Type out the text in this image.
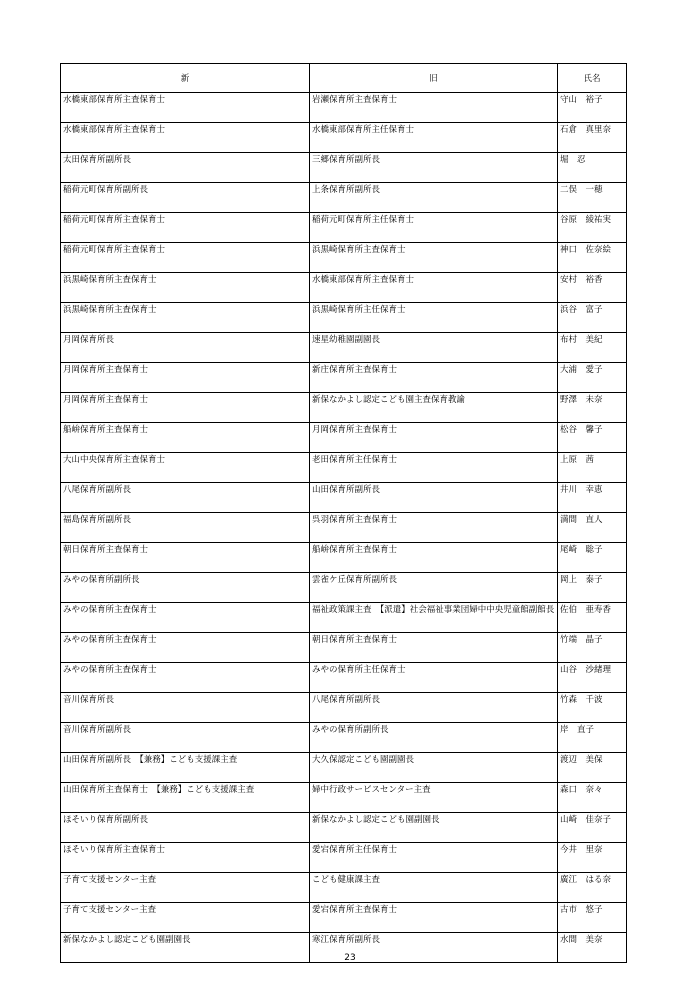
新	旧	氏名
水橋東部保育所主査保育士	岩瀬保育所主査保育士	守山　裕子
水橋東部保育所主査保育士	水橋東部保育所主任保育士	石倉　真里奈
太田保育所副所長	三郷保育所副所長	堀　忍
稲荷元町保育所副所長	上条保育所副所長	二俣　一穂
稲荷元町保育所主査保育士	稲荷元町保育所主任保育士	谷原　綾祐実
稲荷元町保育所主査保育士	浜黒崎保育所主査保育士	神口　佐奈絵
浜黒崎保育所主査保育士	水橋東部保育所主査保育士	安村　裕香
浜黒崎保育所主査保育士	浜黒崎保育所主任保育士	浜谷　富子
月岡保育所長	速星幼稚園副園長	布村　美紀
月岡保育所主査保育士	新庄保育所主査保育士	大浦　愛子
月岡保育所主査保育士	新保なかよし認定こども園主査保育教諭	野澤　未奈
船峅保育所主査保育士	月岡保育所主査保育士	松谷　馨子
大山中央保育所主査保育士	老田保育所主任保育士	上原　茜
八尾保育所副所長	山田保育所副所長	井川　幸恵
福島保育所副所長	呉羽保育所主査保育士	満間　直人
朝日保育所主査保育士	船峅保育所主査保育士	尾崎　聡子
みやの保育所副所長	雲雀ケ丘保育所副所長	岡上　泰子
みやの保育所主査保育士	福祉政策課主査　【派遣】社会福祉事業団婦中中央児童館副館長	佐伯　亜寿香
みやの保育所主査保育士	朝日保育所主査保育士	竹端　晶子
みやの保育所主査保育士	みやの保育所主任保育士	山谷　沙緒理
音川保育所長	八尾保育所副所長	竹森　千波
音川保育所副所長	みやの保育所副所長	岸　直子
山田保育所副所長　【兼務】こども支援課主査	大久保認定こども園副園長	渡辺　美保
山田保育所主査保育士　【兼務】こども支援課主査	婦中行政サービスセンター主査	森口　奈々
ほそいり保育所副所長	新保なかよし認定こども園副園長	山崎　佳奈子
ほそいり保育所主査保育士	愛宕保育所主任保育士	今井　里奈
子育て支援センター主査	こども健康課主査	廣江　はる奈
子育て支援センター主査	愛宕保育所主査保育士	古市　悠子
新保なかよし認定こども園副園長	寒江保育所副所長	水間　美奈
23
